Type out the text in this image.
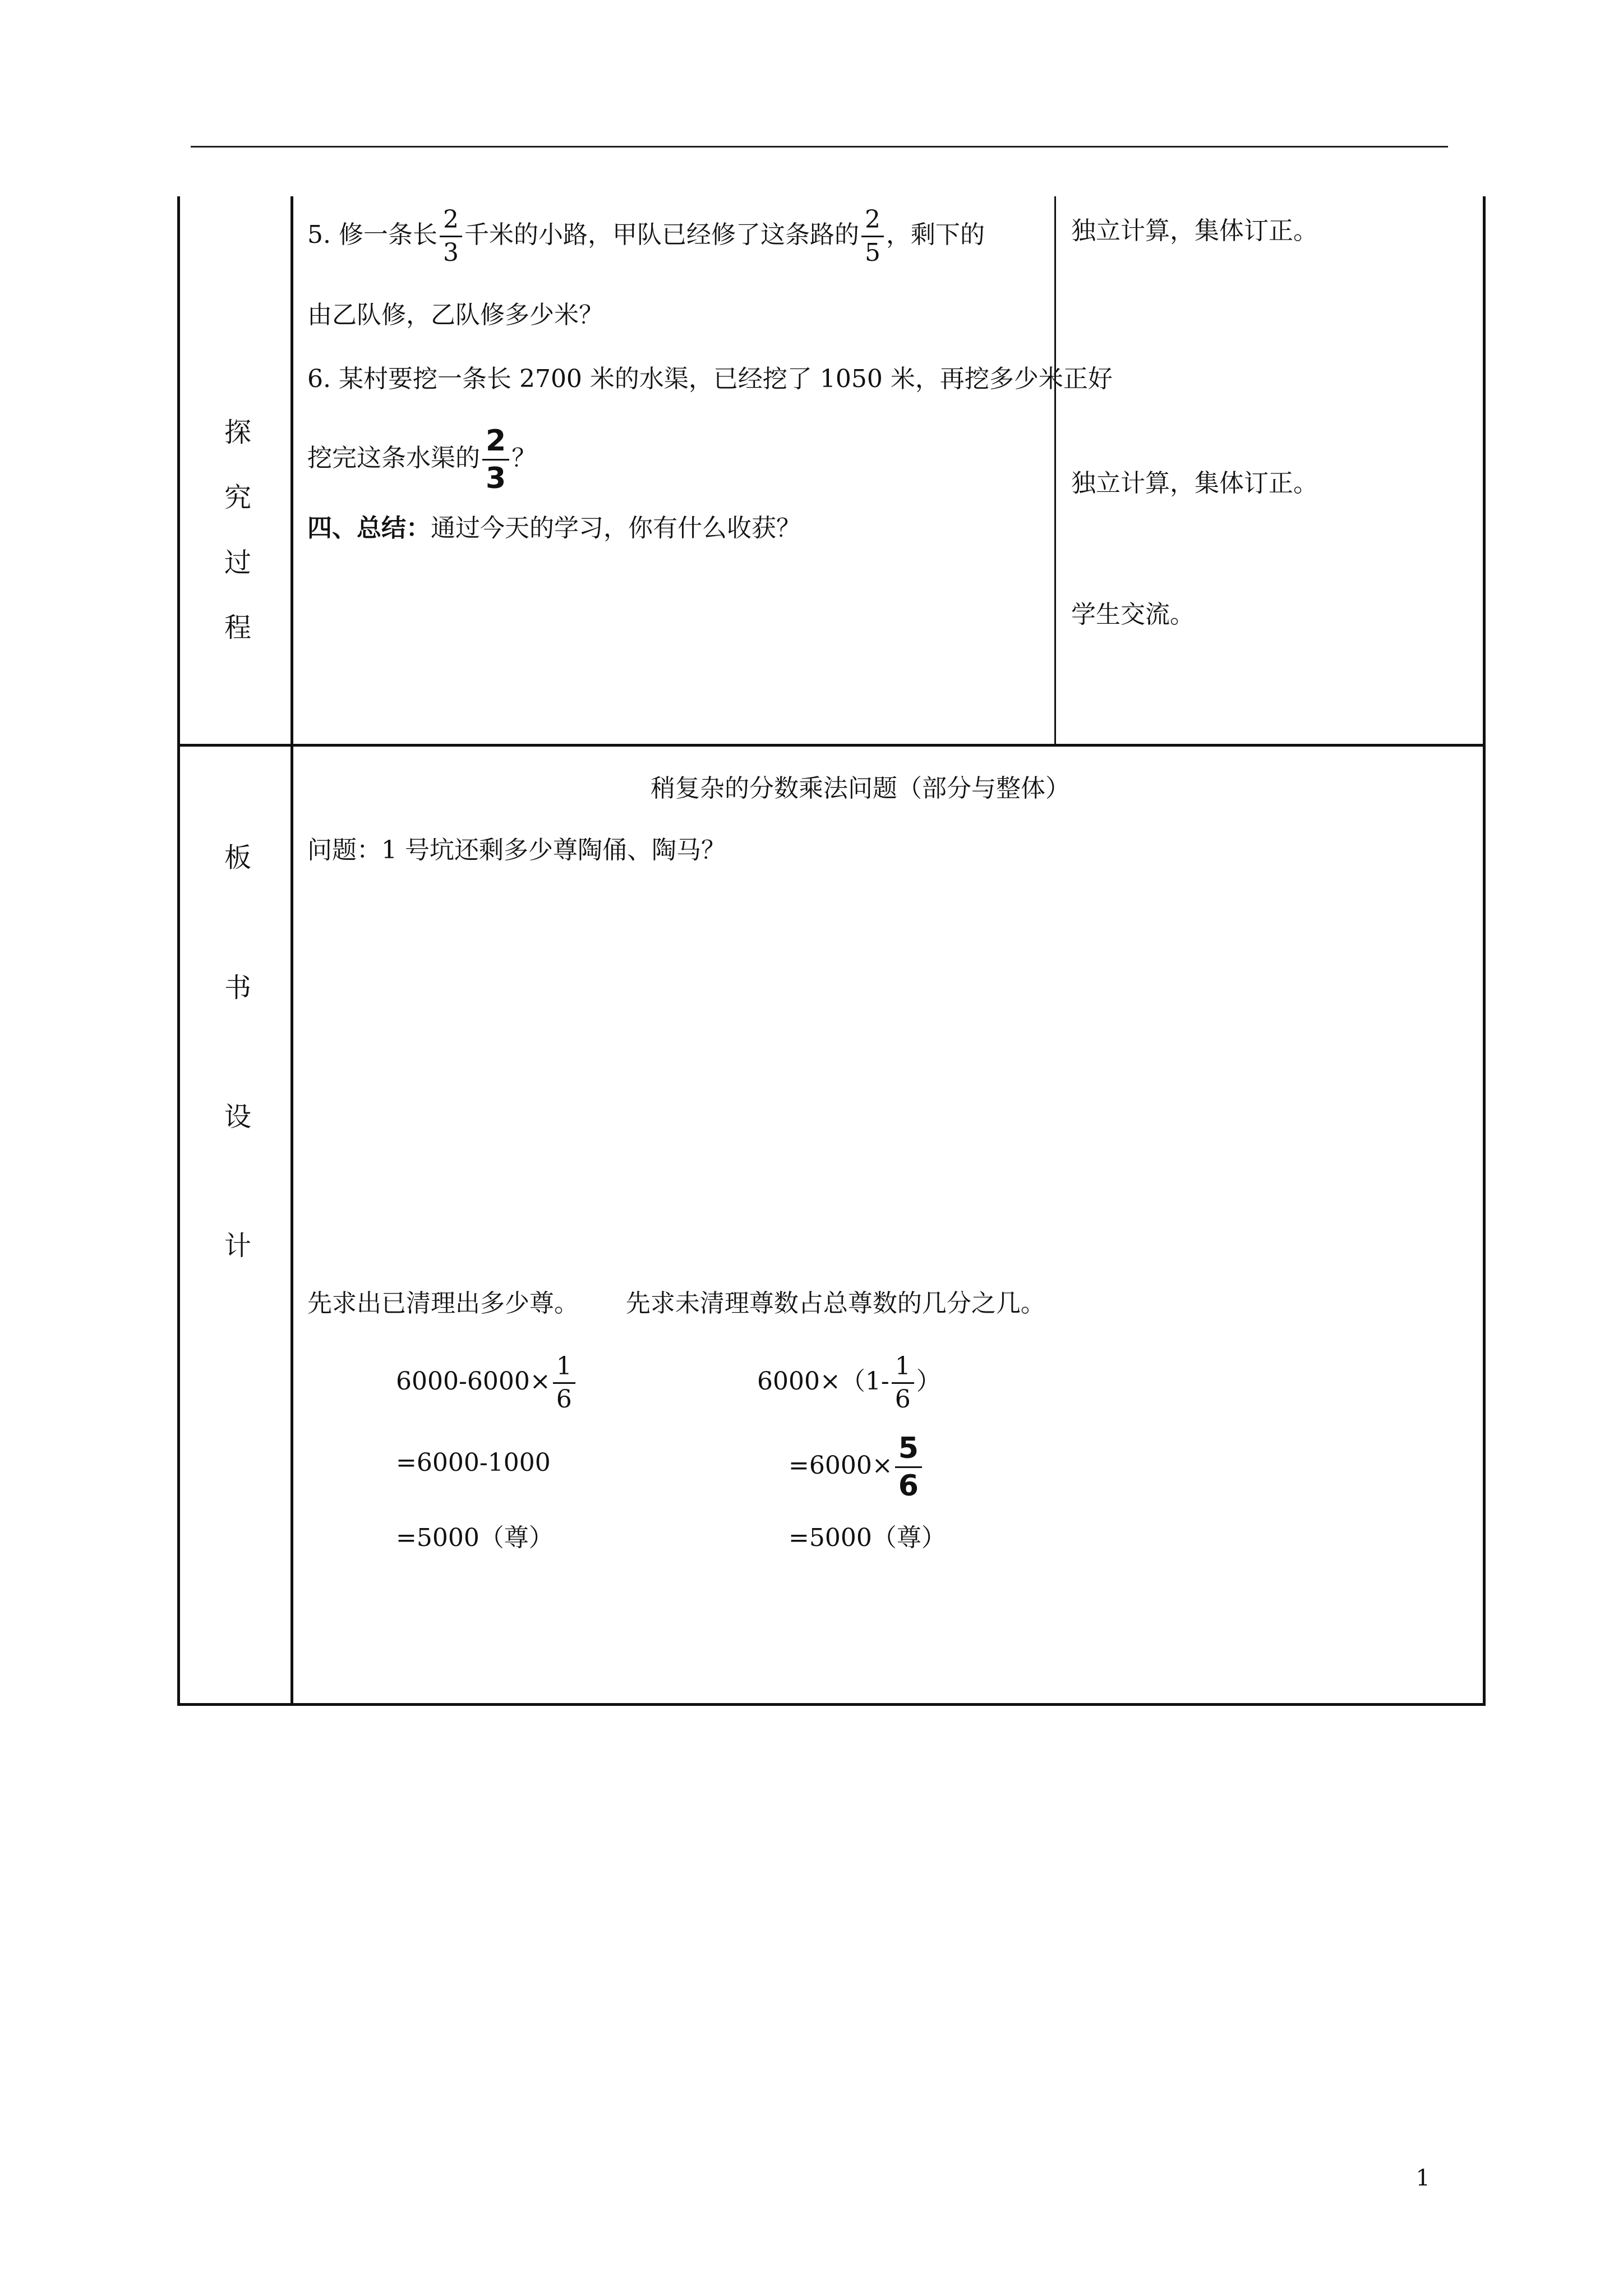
探
究
过
程
5. 修一条长 $\frac{2}{3}$ 千米的小路，甲队已经修了这条路的 $\frac{2}{5}$ ，剩下的
由乙队修，乙队修多少米？
6. 某村要挖一条长 2700 米的水渠，已经挖了 1050 米，再挖多少米正好
挖完这条水渠的 $\frac{2}{3}$ ？
四、总结：通过今天的学习，你有什么收获？
独立计算，集体订正。
独立计算，集体订正。
学生交流。
板
书
设
计
稍复杂的分数乘法问题（部分与整体）
问题：1 号坑还剩多少尊陶俑、陶马？
先求出已清理出多少尊。      先求未清理尊数占总尊数的几分之几。
$6000-6000\times \frac{1}{6}$
=6000-1000
=5000（尊）
$6000\times(1- \frac{1}{6}$ ）
$=6000\times \frac{5}{6}$
=5000（尊）
1
